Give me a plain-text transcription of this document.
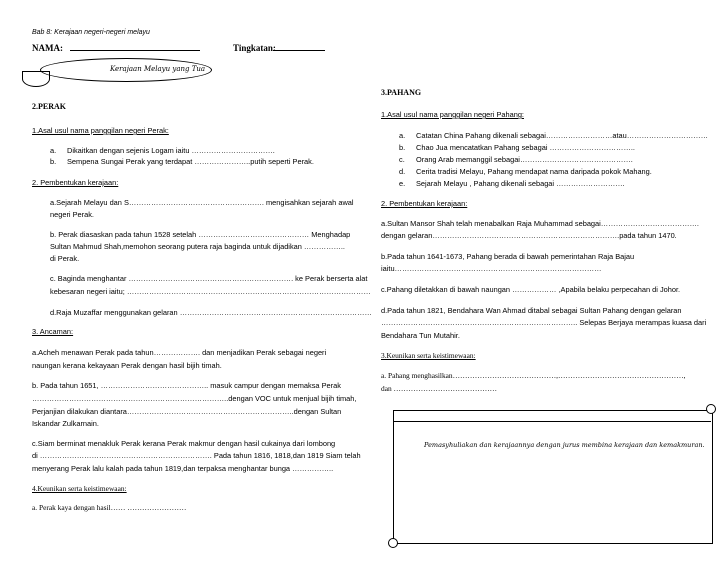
Bab 8: Kerajaan negeri-negeri melayu
NAMA:	Tingkatan:
Kerajaan Melayu yang Tua
2.PERAK
1.Asal usul nama panggilan negeri Perak:
a. Dikaitkan dengan sejenis Logam iaitu …………………………….
b. Sempena Sungai Perak yang terdapat …………………..putih seperti Perak.
2. Pembentukan kerajaan:
a.Sejarah Melayu dan S………………………………………………. mengisahkan sejarah awal
negeri Perak.
b. Perak diasaskan pada tahun 1528 setelah ……………………………………… Menghadap
Sultan Mahmud Shah,memohon seorang putera raja baginda untuk dijadikan ……………..
di Perak.
c. Baginda menghantar …………………………………………………………. ke Perak berserta alat
kebesaran negeri iaitu; ………………………………………………………………………………………
d.Raja Muzaffar menggunakan gelaran ……………………………………………………………………
3. Ancaman:
a.Acheh menawan Perak pada tahun………………. dan menjadikan Perak sebagai negeri
naungan kerana kekayaan Perak dengan hasil bijih timah.
b. Pada tahun 1651, …………………………………….. masuk campur dengan memaksa Perak
……………………………………………………………………..dengan VOC untuk menjual bijih timah,
Perjanjian dilakukan diantara…………………………………………………………..dengan Sultan
Iskandar Zulkarnain.
c.Siam berminat menakluk Perak kerana Perak makmur dengan hasil cukainya dari lombong
di ……………………………………………………………. Pada tahun 1816, 1818,dan 1819 Siam telah
menyerang Perak lalu kalah pada tahun 1819,dan terpaksa menghantar bunga ……………..
4.Keunikan serta keistimewaan:
a. Perak kaya dengan hasil…… ……………………
3.PAHANG
1.Asal usul nama panggilan negeri Pahang:
a. Catatan China Pahang dikenali sebagai………………………atau……………………………
b. Chao Jua mencatatkan Pahang sebagai ……………………………..
c. Orang Arab memanggil sebagai……………………………………….
d. Cerita tradisi Melayu, Pahang mendapat nama daripada pokok Mahang.
e. Sejarah Melayu , Pahang dikenali sebagai ……………………….
2. Pembentukan kerajaan:
a.Sultan Mansor Shah telah menabalkan Raja Muhammad sebagai………………………………….
dengan gelaran………………………………………………………………….pada tahun 1470.
b.Pada tahun 1641-1673, Pahang berada di bawah pemerintahan Raja Bajau
iaitu…………………………………………………………………………
c.Pahang diletakkan di bawah naungan ……………… ,Apabila belaku perpecahan di Johor.
d.Pada tahun 1821, Bendahara Wan Ahmad ditabal sebagai Sultan Pahang dengan gelaran
…………………………………………………………………….. Selepas Berjaya merampas kuasa dari
Bendahara Tun Mutahir.
3.Keunikan serta keistimewaan:
a. Pahang menghasilkan……………………………………,……………………………………………,
dan ……………………………………
Pemasyhuliakan dan kerajaannya dengan jurus membina kerajaan dan kemakmuran.
